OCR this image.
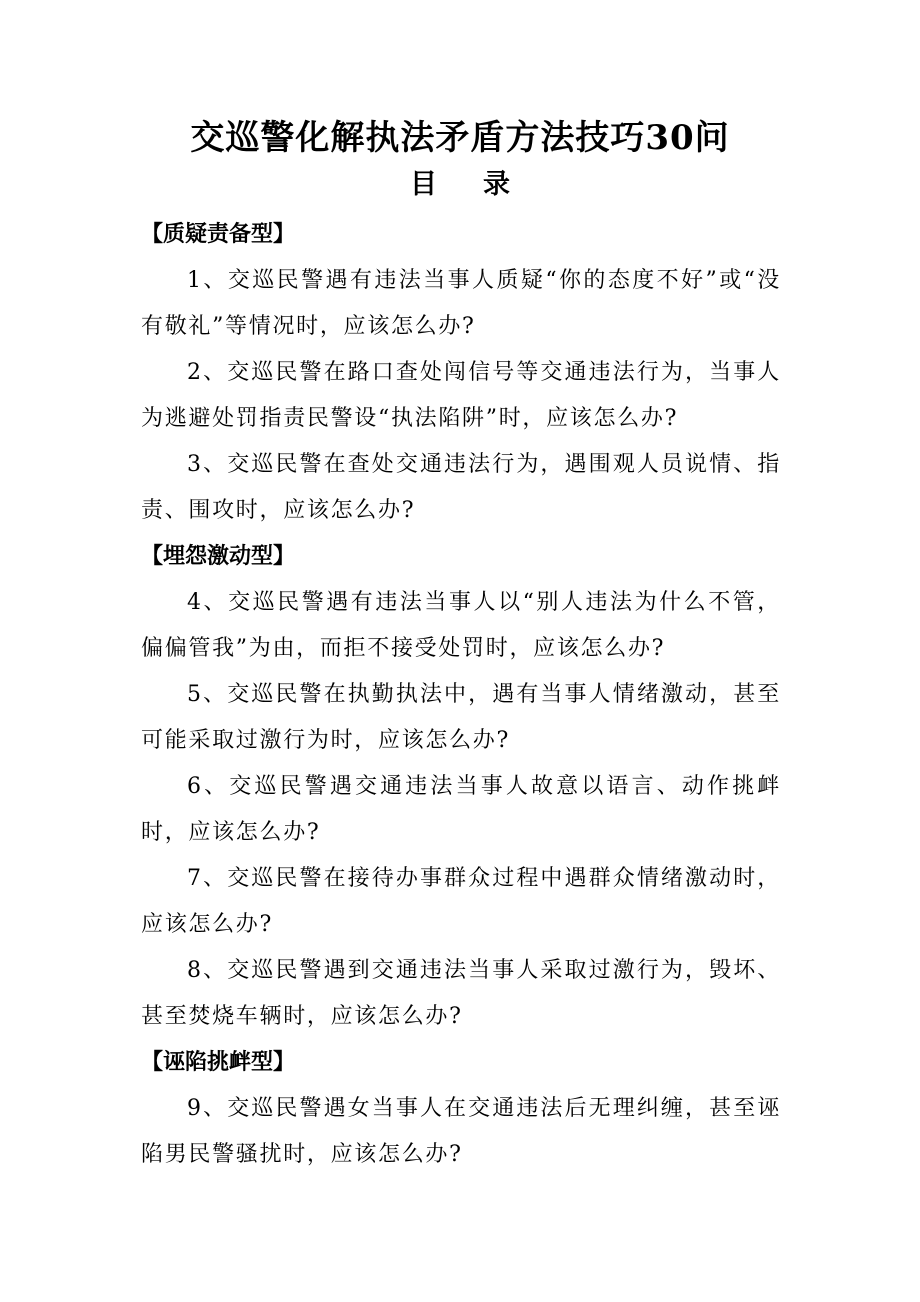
交巡警化解执法矛盾方法技巧30问
目 录
【质疑责备型】
1、交巡民警遇有违法当事人质疑“你的态度不好”或“没有敬礼”等情况时，应该怎么办?
2、交巡民警在路口查处闯信号等交通违法行为，当事人为逃避处罚指责民警设“执法陷阱”时，应该怎么办?
3、交巡民警在查处交通违法行为，遇围观人员说情、指责、围攻时，应该怎么办?
【埋怨激动型】
4、交巡民警遇有违法当事人以“别人违法为什么不管，偏偏管我”为由，而拒不接受处罚时，应该怎么办?
5、交巡民警在执勤执法中，遇有当事人情绪激动，甚至可能采取过激行为时，应该怎么办?
6、交巡民警遇交通违法当事人故意以语言、动作挑衅时，应该怎么办?
7、交巡民警在接待办事群众过程中遇群众情绪激动时，应该怎么办?
8、交巡民警遇到交通违法当事人采取过激行为，毁坏、甚至焚烧车辆时，应该怎么办?
【诬陷挑衅型】
9、交巡民警遇女当事人在交通违法后无理纠缠，甚至诬陷男民警骚扰时，应该怎么办?
